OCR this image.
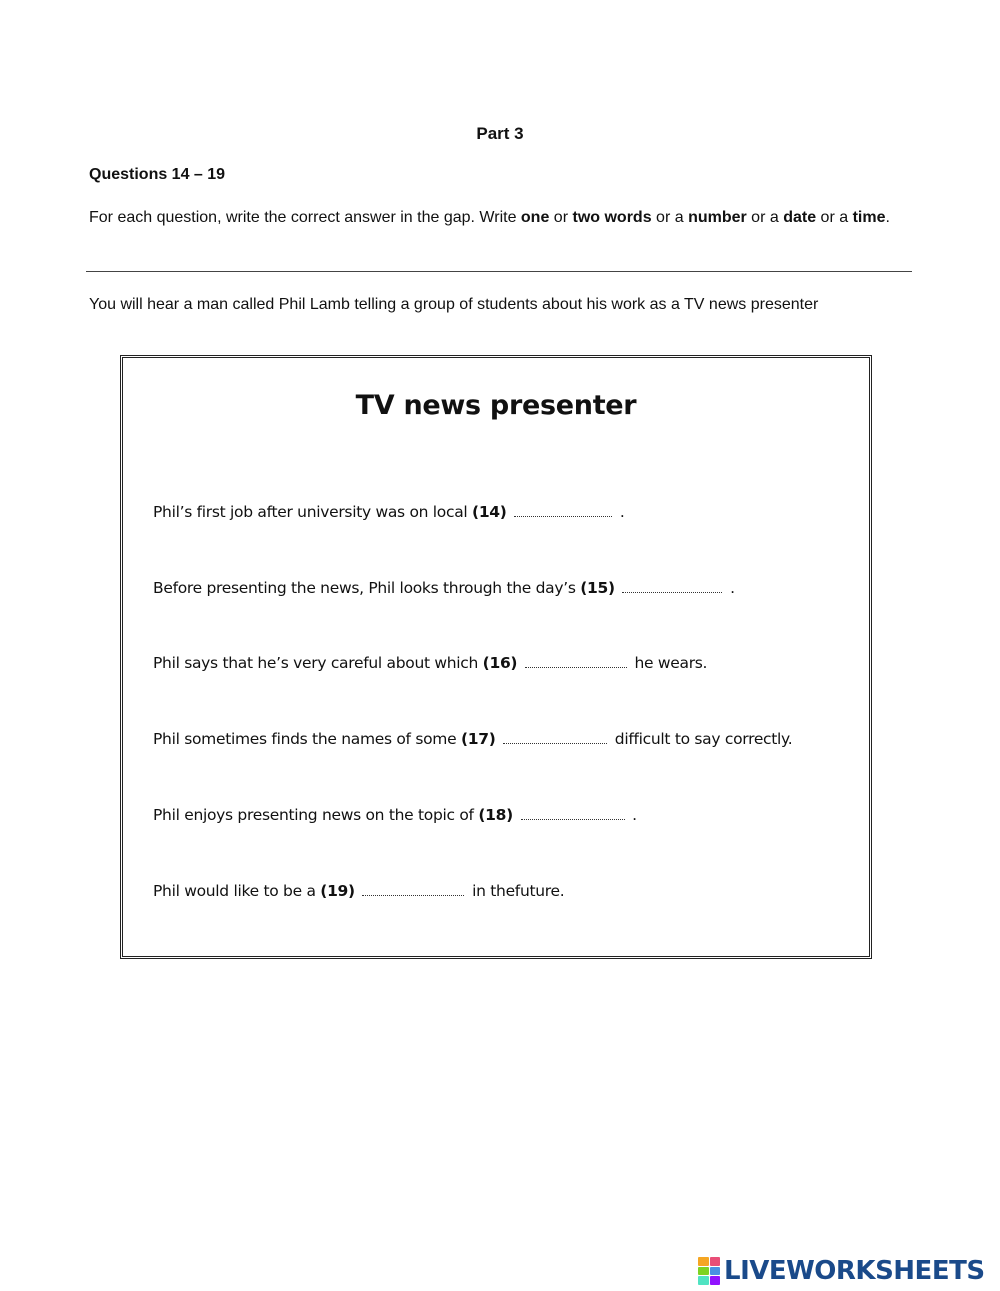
Part 3
Questions 14 – 19
For each question, write the correct answer in the gap. Write one or two words or a number or a date or a time.
You will hear a man called Phil Lamb telling a group of students about his work as a TV news presenter
TV news presenter
Phil’s first job after university was on local (14)	.
Before presenting the news, Phil looks through the day’s (15)	.
Phil says that he’s very careful about which (16)	he wears.
Phil sometimes finds the names of some (17)	difficult to say correctly.
Phil enjoys presenting news on the topic of (18)	.
Phil would like to be a (19)	in thefuture.
LIVEWORKSHEETS
